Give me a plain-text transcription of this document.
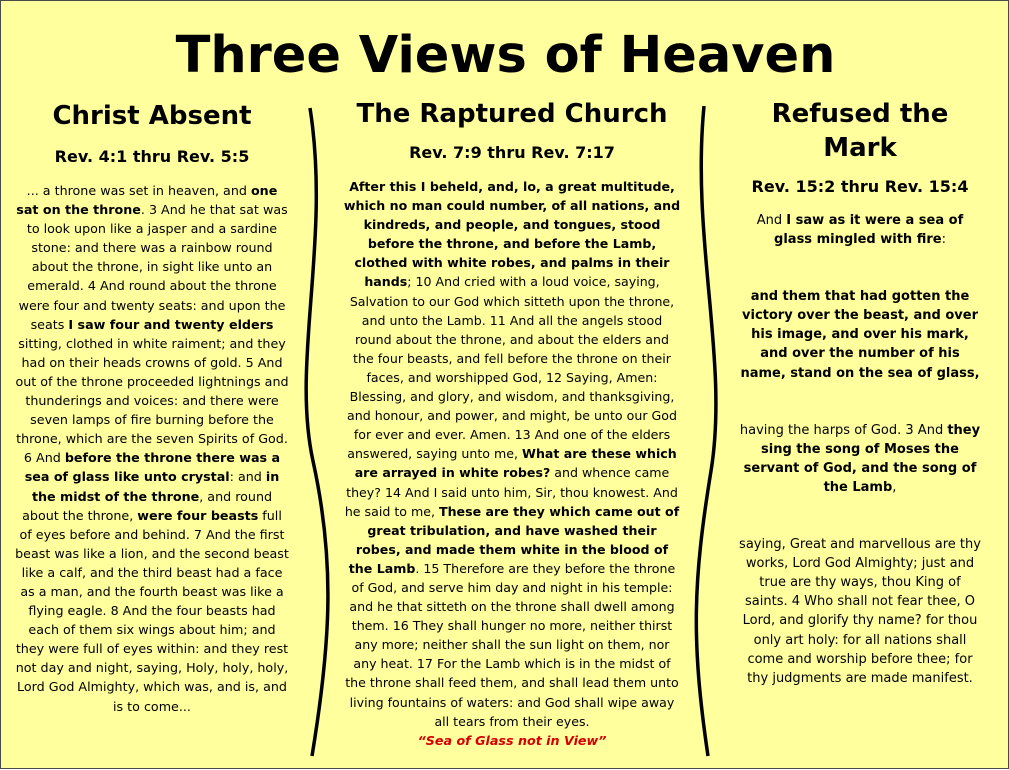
Three Views of Heaven
Christ Absent
Rev. 4:1 thru Rev. 5:5
... a throne was set in heaven, and one sat on the throne. 3 And he that sat was to look upon like a jasper and a sardine stone: and there was a rainbow round about the throne, in sight like unto an emerald. 4 And round about the throne were four and twenty seats: and upon the seats I saw four and twenty elders sitting, clothed in white raiment; and they had on their heads crowns of gold. 5 And out of the throne proceeded lightnings and thunderings and voices: and there were seven lamps of fire burning before the throne, which are the seven Spirits of God. 6 And before the throne there was a sea of glass like unto crystal: and in the midst of the throne, and round about the throne, were four beasts full of eyes before and behind. 7 And the first beast was like a lion, and the second beast like a calf, and the third beast had a face as a man, and the fourth beast was like a flying eagle. 8 And the four beasts had each of them six wings about him; and they were full of eyes within: and they rest not day and night, saying, Holy, holy, holy, Lord God Almighty, which was, and is, and is to come...
The Raptured Church
Rev. 7:9 thru Rev. 7:17
After this I beheld, and, lo, a great multitude, which no man could number, of all nations, and kindreds, and people, and tongues, stood before the throne, and before the Lamb, clothed with white robes, and palms in their hands; 10 And cried with a loud voice, saying, Salvation to our God which sitteth upon the throne, and unto the Lamb. 11 And all the angels stood round about the throne, and about the elders and the four beasts, and fell before the throne on their faces, and worshipped God, 12 Saying, Amen: Blessing, and glory, and wisdom, and thanksgiving, and honour, and power, and might, be unto our God for ever and ever. Amen. 13 And one of the elders answered, saying unto me, What are these which are arrayed in white robes? and whence came they? 14 And I said unto him, Sir, thou knowest. And he said to me, These are they which came out of great tribulation, and have washed their robes, and made them white in the blood of the Lamb. 15 Therefore are they before the throne of God, and serve him day and night in his temple: and he that sitteth on the throne shall dwell among them. 16 They shall hunger no more, neither thirst any more; neither shall the sun light on them, nor any heat. 17 For the Lamb which is in the midst of the throne shall feed them, and shall lead them unto living fountains of waters: and God shall wipe away all tears from their eyes.
“Sea of Glass not in View”
Refused the Mark
Rev. 15:2 thru Rev. 15:4
And I saw as it were a sea of glass mingled with fire:
and them that had gotten the victory over the beast, and over his image, and over his mark, and over the number of his name, stand on the sea of glass,
having the harps of God. 3 And they sing the song of Moses the servant of God, and the song of the Lamb,
saying, Great and marvellous are thy works, Lord God Almighty; just and true are thy ways, thou King of saints. 4 Who shall not fear thee, O Lord, and glorify thy name? for thou only art holy: for all nations shall come and worship before thee; for thy judgments are made manifest.
